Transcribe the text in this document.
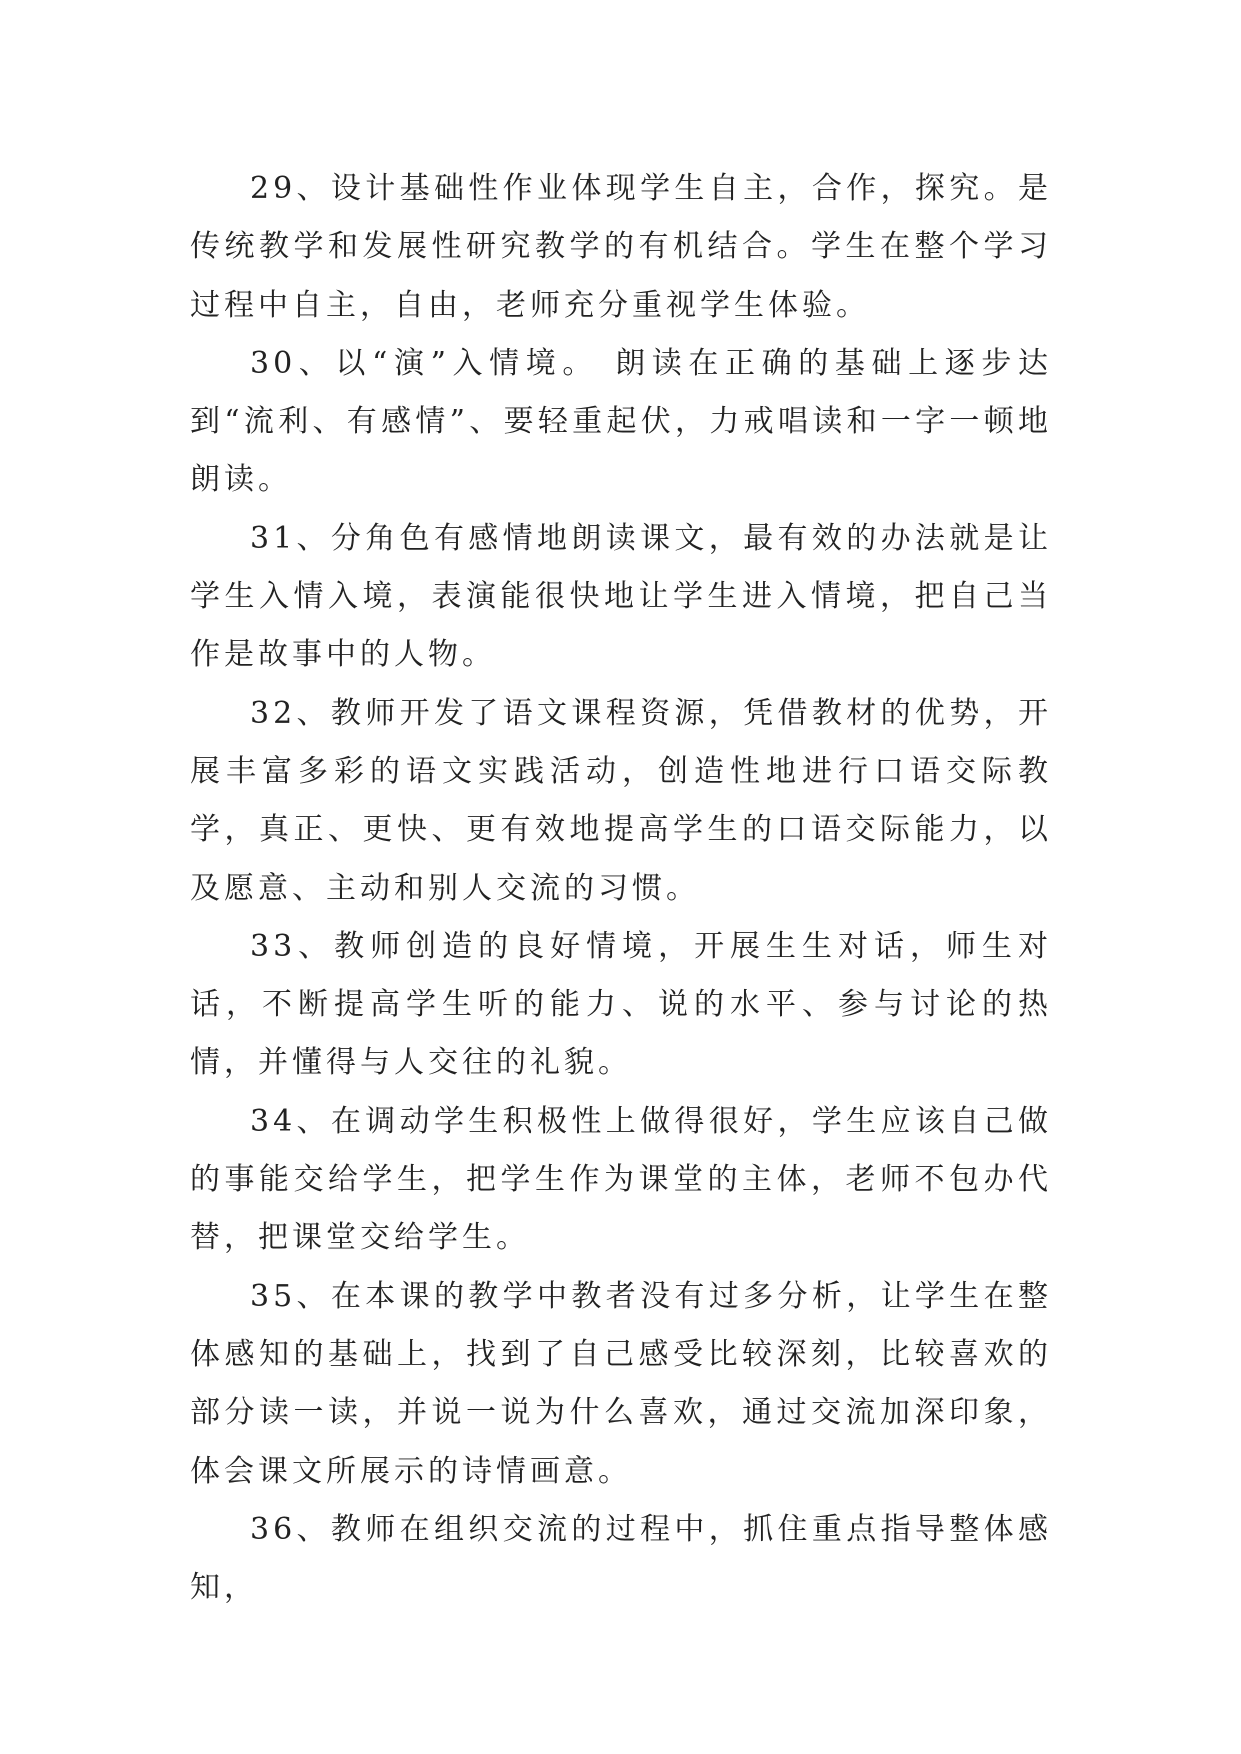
29、设计基础性作业体现学生自主，合作，探究。是传统教学和发展性研究教学的有机结合。学生在整个学习过程中自主，自由，老师充分重视学生体验。

30、以“演”入情境。 朗读在正确的基础上逐步达到“流利、有感情”、要轻重起伏，力戒唱读和一字一顿地朗读。

31、分角色有感情地朗读课文，最有效的办法就是让学生入情入境，表演能很快地让学生进入情境，把自己当作是故事中的人物。

32、教师开发了语文课程资源，凭借教材的优势，开展丰富多彩的语文实践活动，创造性地进行口语交际教学，真正、更快、更有效地提高学生的口语交际能力，以及愿意、主动和别人交流的习惯。

33、教师创造的良好情境，开展生生对话，师生对话，不断提高学生听的能力、说的水平、参与讨论的热情，并懂得与人交往的礼貌。

34、在调动学生积极性上做得很好，学生应该自己做的事能交给学生，把学生作为课堂的主体，老师不包办代替，把课堂交给学生。

35、在本课的教学中教者没有过多分析，让学生在整体感知的基础上，找到了自己感受比较深刻，比较喜欢的部分读一读，并说一说为什么喜欢，通过交流加深印象，体会课文所展示的诗情画意。

36、教师在组织交流的过程中，抓住重点指导整体感知，
